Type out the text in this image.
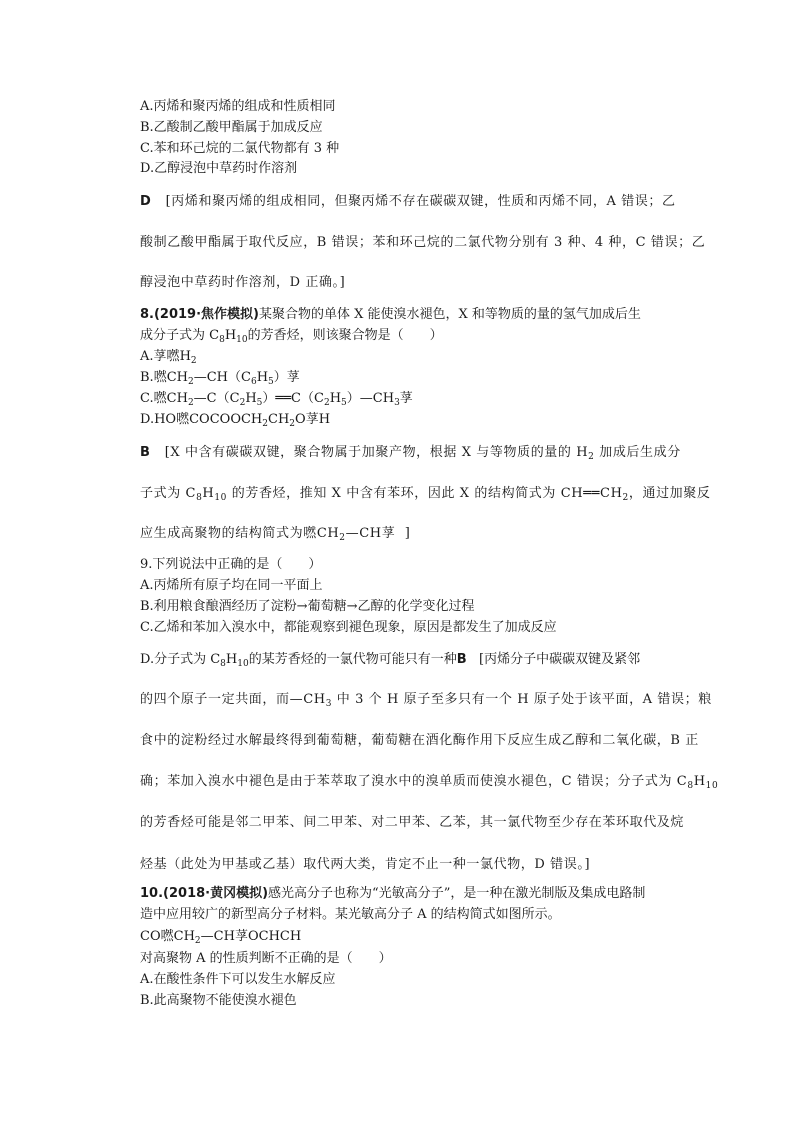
A.丙烯和聚丙烯的组成和性质相同
B.乙酸制乙酸甲酯属于加成反应
C.苯和环己烷的二氯代物都有 3 种
D.乙醇浸泡中草药时作溶剂
D [丙烯和聚丙烯的组成相同，但聚丙烯不存在碳碳双键，性质和丙烯不同，A 错误；乙
酸制乙酸甲酯属于取代反应，B 错误；苯和环己烷的二氯代物分别有 3 种、4 种，C 错误；乙
醇浸泡中草药时作溶剂，D 正确。]
8.(2019·焦作模拟)某聚合物的单体 X 能使溴水褪色，X 和等物质的量的氢气加成后生
成分子式为 $C_8H_{10}$的芳香烃，则该聚合物是（　　）
A.莩嘫$H_2$
B.嘫$CH_2—CH(C_6H_5)$莩
C.嘫$CH_2—C(C_2H_5)══C(C_2H_5)—CH_3$莩
D.HO嘫$COCOOCH_2CH_2O$莩H
B [X 中含有碳碳双键，聚合物属于加聚产物，根据 X 与等物质的量的 $H_2$ 加成后生成分
子式为 $C_8H_{10}$ 的芳香烃，推知 X 中含有苯环，因此 X 的结构简式为 $CH══CH_2$，通过加聚反
应生成高聚物的结构简式为嘫$CH_2—CH$莩 ]
9.下列说法中正确的是（　　）
A.丙烯所有原子均在同一平面上
B.利用粮食酿酒经历了淀粉→葡萄糖→乙醇的化学变化过程
C.乙烯和苯加入溴水中，都能观察到褪色现象，原因是都发生了加成反应
D.分子式为 $C_8H_{10}$的某芳香烃的一氯代物可能只有一种B [丙烯分子中碳碳双键及紧邻
的四个原子一定共面，而$—CH_3$ 中 3 个 H 原子至多只有一个 H 原子处于该平面，A 错误；粮
食中的淀粉经过水解最终得到葡萄糖，葡萄糖在酒化酶作用下反应生成乙醇和二氧化碳，B 正
确；苯加入溴水中褪色是由于苯萃取了溴水中的溴单质而使溴水褪色，C 错误；分子式为 $C_8H_{10}$
的芳香烃可能是邻二甲苯、间二甲苯、对二甲苯、乙苯，其一氯代物至少存在苯环取代及烷
烃基（此处为甲基或乙基）取代两大类，肯定不止一种一氯代物，D 错误。]
10.(2018·黄冈模拟)感光高分子也称为“光敏高分子”，是一种在激光制版及集成电路制
造中应用较广的新型高分子材料。某光敏高分子 A 的结构简式如图所示。
CO嘫$CH_2—CH$莩OCHCH
对高聚物 A 的性质判断不正确的是（　　）
A.在酸性条件下可以发生水解反应
B.此高聚物不能使溴水褪色
